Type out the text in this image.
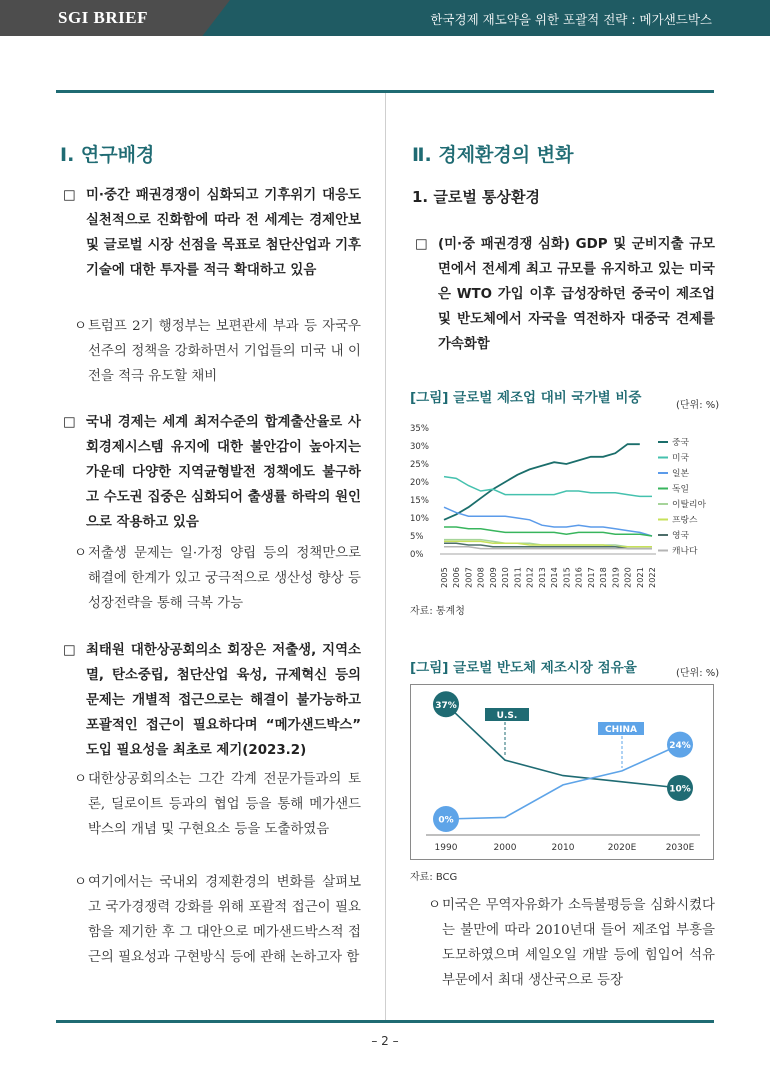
SGI BRIEF	한국경제 재도약을 위한 포괄적 전략 : 메가샌드박스
Ⅰ. 연구배경
□ 미·중간 패권경쟁이 심화되고 기후위기 대응도 실천적으로 진화함에 따라 전 세계는 경제안보 및 글로벌 시장 선점을 목표로 첨단산업과 기후기술에 대한 투자를 적극 확대하고 있음
ㅇ 트럼프 2기 행정부는 보편관세 부과 등 자국우선주의 정책을 강화하면서 기업들의 미국 내 이전을 적극 유도할 채비
□ 국내 경제는 세계 최저수준의 합계출산율로 사회경제시스템 유지에 대한 불안감이 높아지는 가운데 다양한 지역균형발전 정책에도 불구하고 수도권 집중은 심화되어 출생률 하락의 원인으로 작용하고 있음
ㅇ 저출생 문제는 일·가정 양립 등의 정책만으로 해결에 한계가 있고 궁극적으로 생산성 향상 등 성장전략을 통해 극복 가능
□ 최태원 대한상공회의소 회장은 저출생, 지역소멸, 탄소중립, 첨단산업 육성, 규제혁신 등의 문제는 개별적 접근으로는 해결이 불가능하고 포괄적인 접근이 필요하다며 “메가샌드박스” 도입 필요성을 최초로 제기(2023.2)
ㅇ 대한상공회의소는 그간 각계 전문가들과의 토론, 딜로이트 등과의 협업 등을 통해 메가샌드박스의 개념 및 구현요소 등을 도출하였음
ㅇ 여기에서는 국내외 경제환경의 변화를 살펴보고 국가경쟁력 강화를 위해 포괄적 접근이 필요함을 제기한 후 그 대안으로 메가샌드박스적 접근의 필요성과 구현방식 등에 관해 논하고자 함
Ⅱ. 경제환경의 변화
1. 글로벌 통상환경
□ (미·중 패권경쟁 심화) GDP 및 군비지출 규모면에서 전세계 최고 규모를 유지하고 있는 미국은 WTO 가입 이후 급성장하던 중국이 제조업 및 반도체에서 자국을 역전하자 대중국 견제를 가속화함
[그림] 글로벌 제조업 대비 국가별 비중	(단위: %)
0%
5%
10%
15%
20%
25%
30%
35%
2005 2006 2007 2008 2009 2010 2011 2012 2013 2014 2015 2016 2017 2018 2019 2020 2021 2022
중국
미국
일본
독일
이탈리아
프랑스
영국
캐나다
자료: 통계청
[그림] 글로벌 반도체 제조시장 점유율	(단위: %)
1990	2000	2010	2020E	2030E
U.S.
CHINA
37%
10%
0%
24%
자료: BCG
ㅇ 미국은 무역자유화가 소득불평등을 심화시켰다는 불만에 따라 2010년대 들어 제조업 부흥을 도모하였으며 셰일오일 개발 등에 힘입어 석유부문에서 최대 생산국으로 등장
– 2 –
